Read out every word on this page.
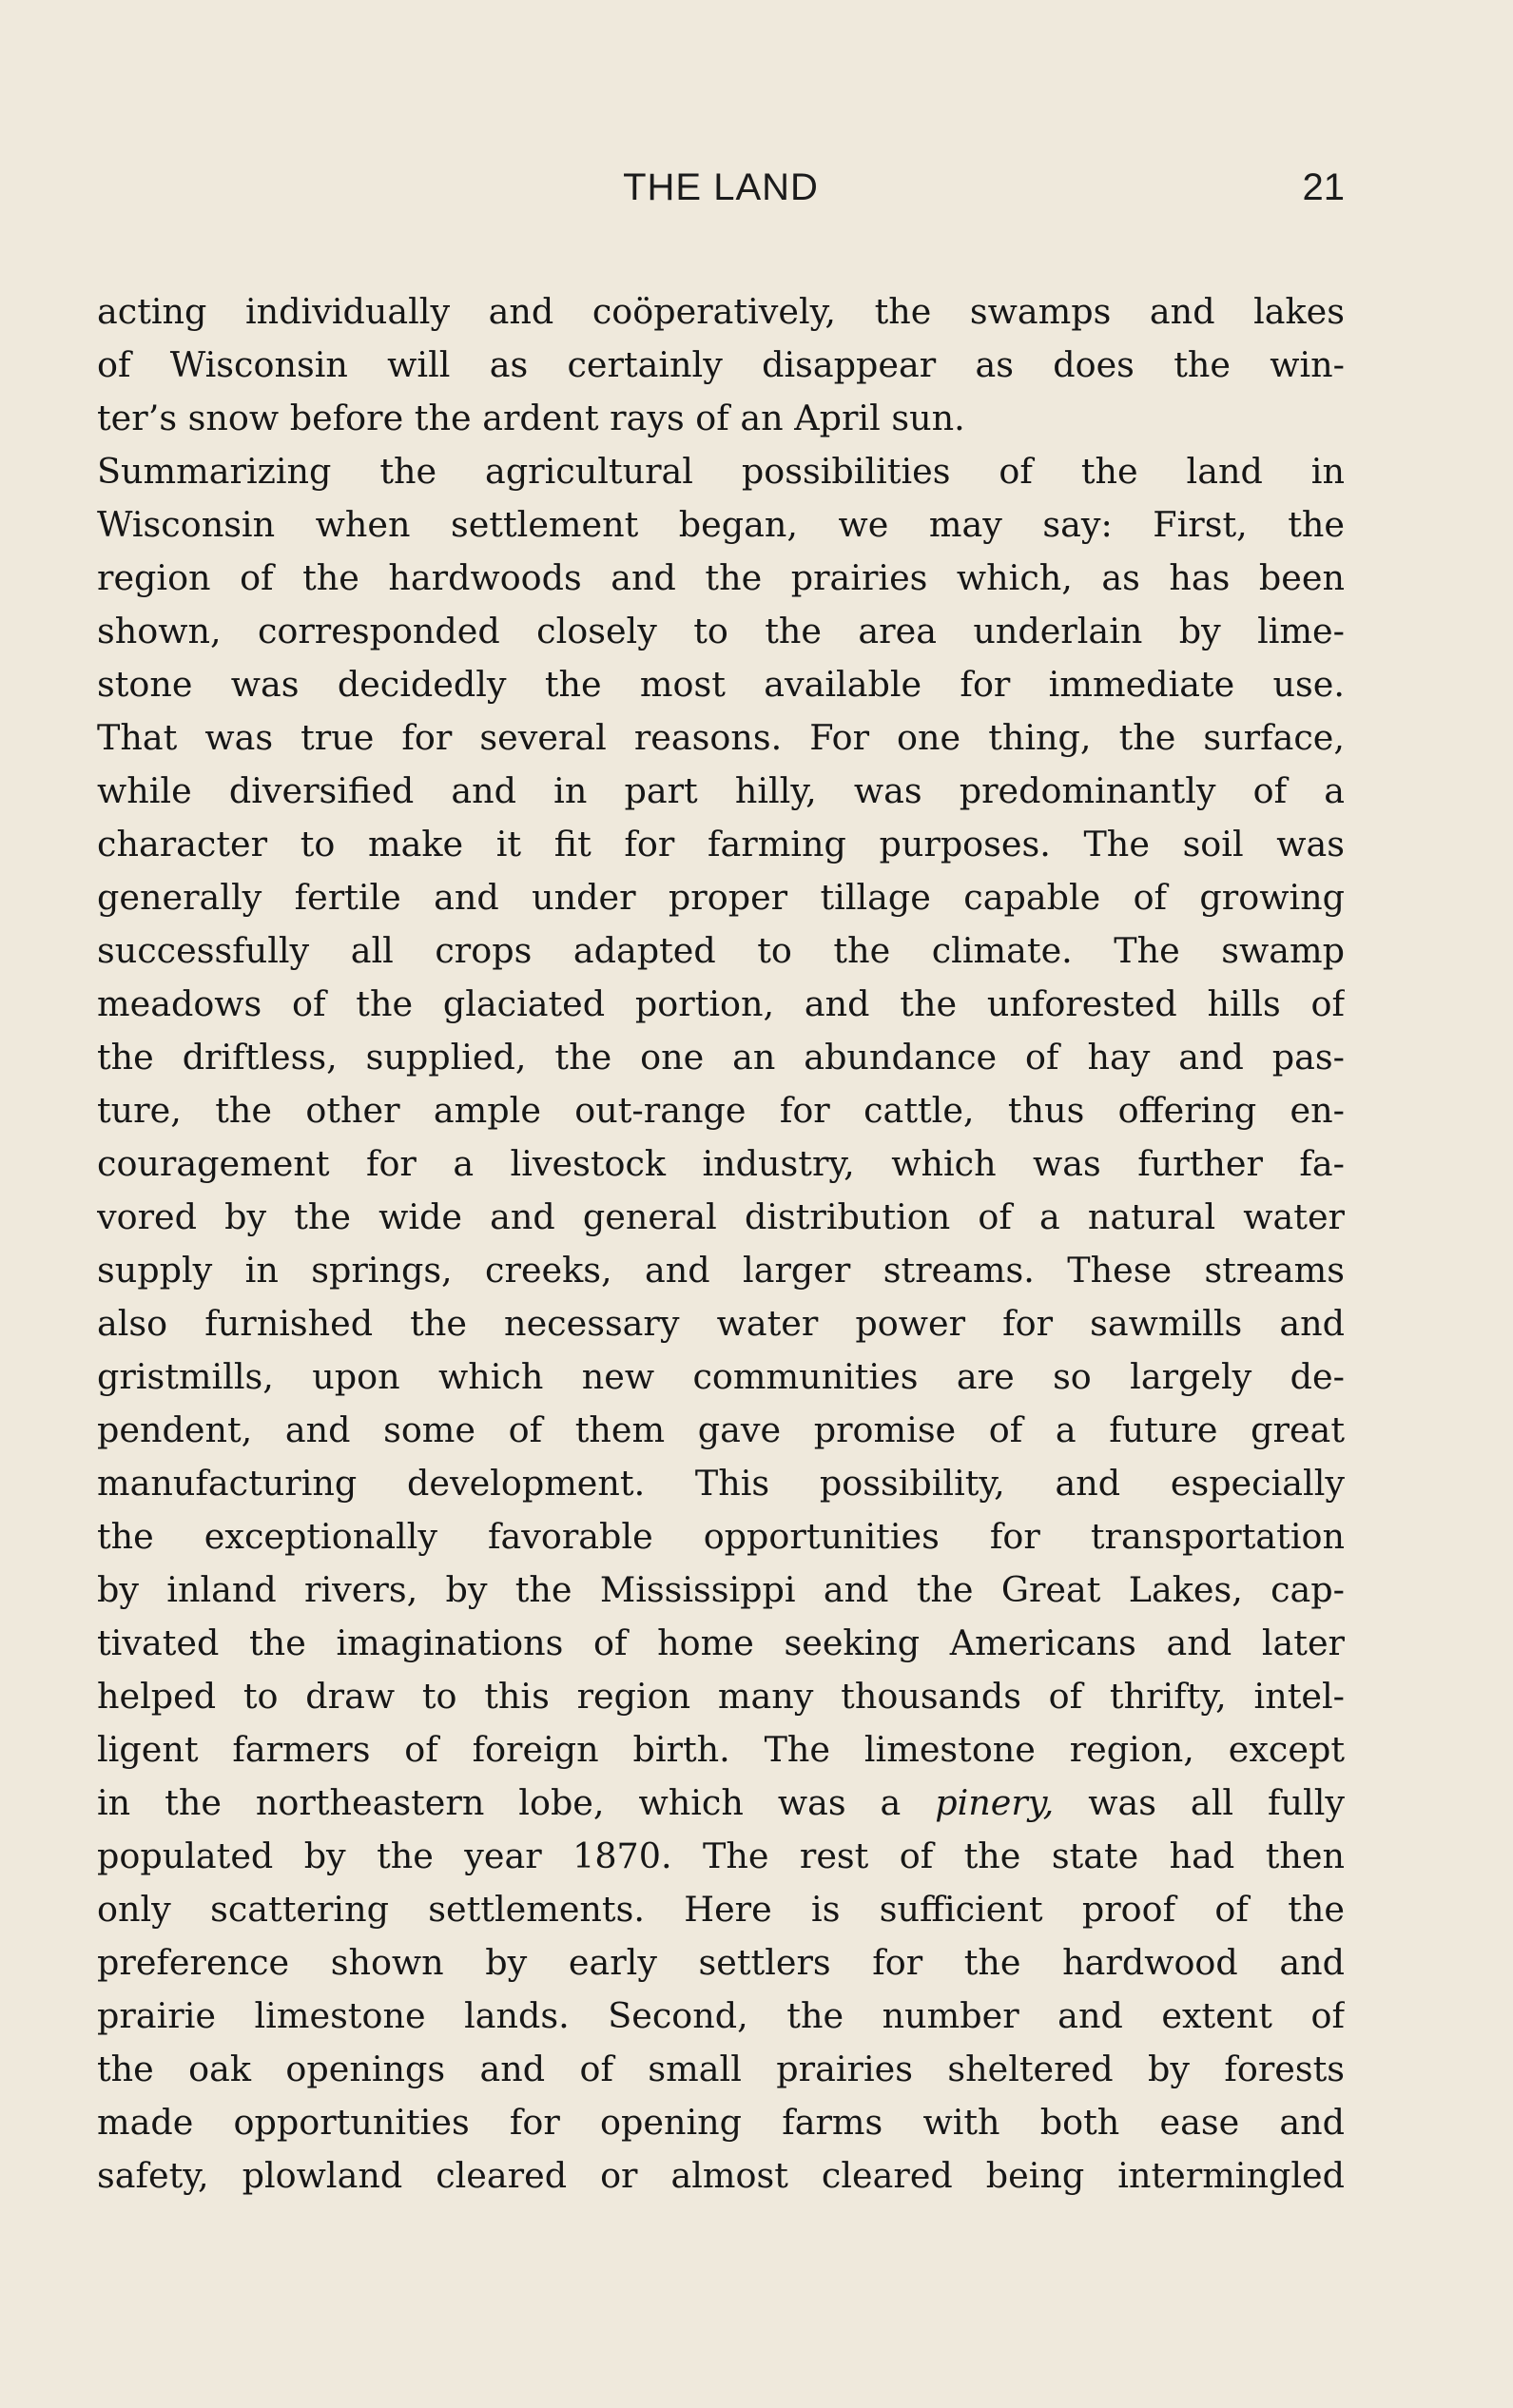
THE LAND	21
acting individually and coöperatively, the swamps and lakes
of Wisconsin will as certainly disappear as does the win-
ter’s snow before the ardent rays of an April sun.
Summarizing the agricultural possibilities of the land in
Wisconsin when settlement began, we may say: First, the
region of the hardwoods and the prairies which, as has been
shown, corresponded closely to the area underlain by lime-
stone was decidedly the most available for immediate use.
That was true for several reasons. For one thing, the surface,
while diversified and in part hilly, was predominantly of a
character to make it fit for farming purposes. The soil was
generally fertile and under proper tillage capable of growing
successfully all crops adapted to the climate. The swamp
meadows of the glaciated portion, and the unforested hills of
the driftless, supplied, the one an abundance of hay and pas-
ture, the other ample out-range for cattle, thus offering en-
couragement for a livestock industry, which was further fa-
vored by the wide and general distribution of a natural water
supply in springs, creeks, and larger streams. These streams
also furnished the necessary water power for sawmills and
gristmills, upon which new communities are so largely de-
pendent, and some of them gave promise of a future great
manufacturing development. This possibility, and especially
the exceptionally favorable opportunities for transportation
by inland rivers, by the Mississippi and the Great Lakes, cap-
tivated the imaginations of home seeking Americans and later
helped to draw to this region many thousands of thrifty, intel-
ligent farmers of foreign birth. The limestone region, except
in the northeastern lobe, which was a pinery, was all fully
populated by the year 1870. The rest of the state had then
only scattering settlements. Here is sufficient proof of the
preference shown by early settlers for the hardwood and
prairie limestone lands. Second, the number and extent of
the oak openings and of small prairies sheltered by forests
made opportunities for opening farms with both ease and
safety, plowland cleared or almost cleared being intermingled
